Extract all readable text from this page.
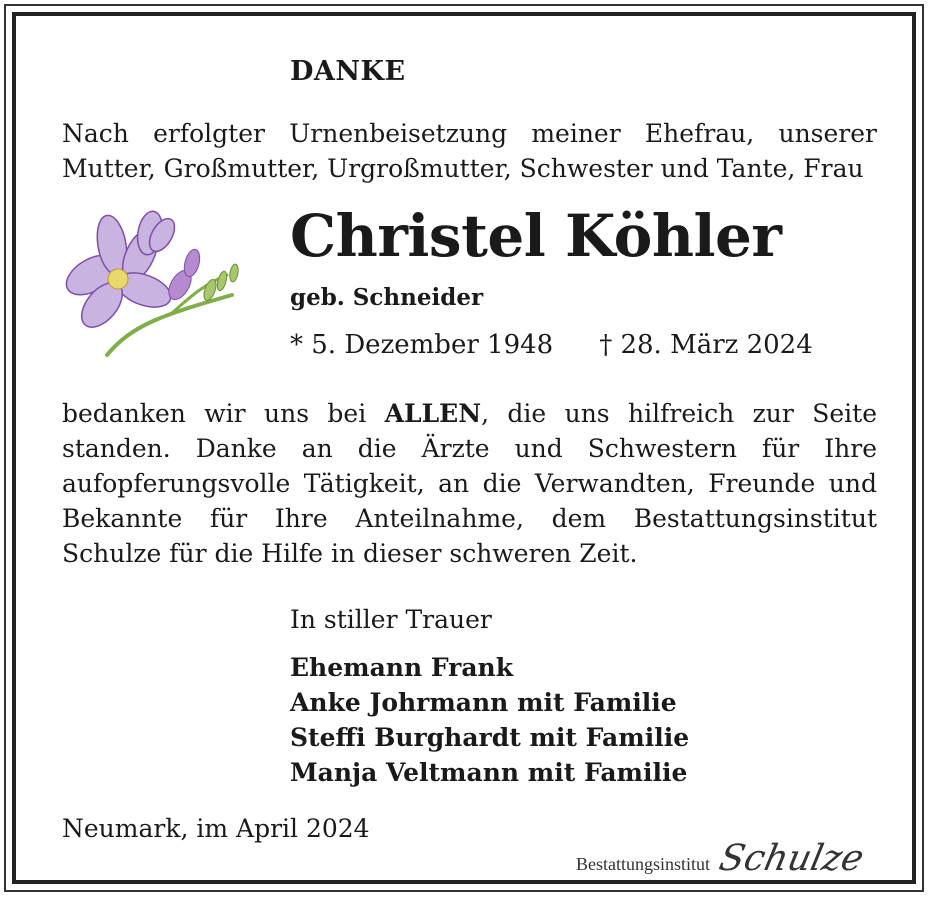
DANKE

Nach erfolgter Urnenbeisetzung meiner Ehefrau, unserer Mutter, Großmutter, Urgroßmutter, Schwester und Tante, Frau

Christel Köhler
geb. Schneider
* 5. Dezember 1948 † 28. März 2024

bedanken wir uns bei ALLEN, die uns hilfreich zur Seite standen. Danke an die Ärzte und Schwestern für Ihre aufopferungsvolle Tätigkeit, an die Verwandten, Freunde und Bekannte für Ihre Anteilnahme, dem Bestattungsinstitut Schulze für die Hilfe in dieser schweren Zeit.

In stiller Trauer
Ehemann Frank
Anke Johrmann mit Familie
Steffi Burghardt mit Familie
Manja Veltmann mit Familie
Neumark, im April 2024
Bestattungsinstitut Schulze
